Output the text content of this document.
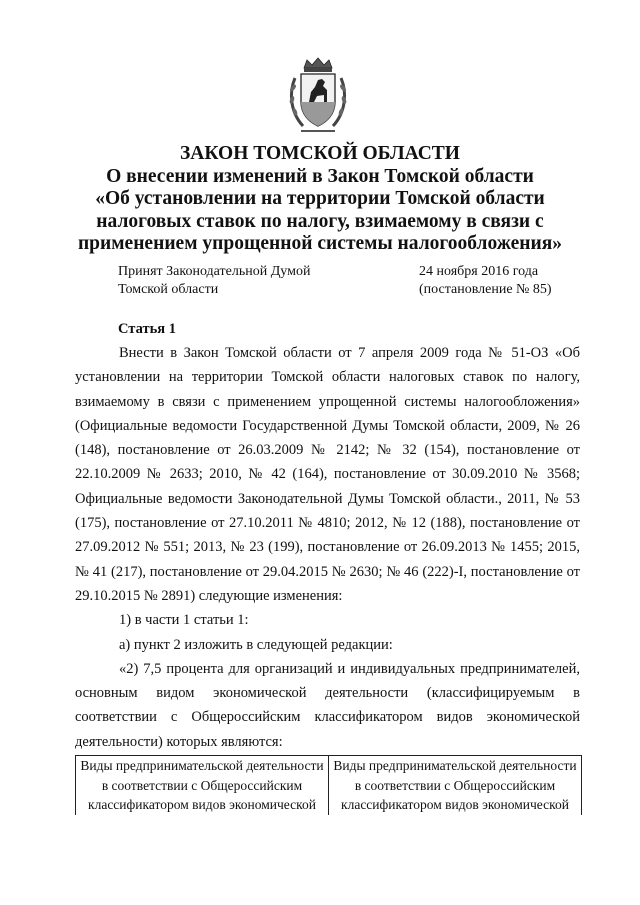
ЗАКОН ТОМСКОЙ ОБЛАСТИ
О внесении изменений в Закон Томской области
«Об установлении на территории Томской области
налоговых ставок по налогу, взимаемому в связи с
применением упрощенной системы налогообложения»
Принят Законодательной Думой
Томской области
24 ноября 2016 года
(постановление № 85)
Статья 1

Внести в Закон Томской области от 7 апреля 2009 года № 51-ОЗ «Об установлении на территории Томской области налоговых ставок по налогу, взимаемому в связи с применением упрощенной системы налогообложения» (Официальные ведомости Государственной Думы Томской области, 2009, № 26 (148), постановление от 26.03.2009 № 2142; № 32 (154), постановление от 22.10.2009 № 2633; 2010, № 42 (164), постановление от 30.09.2010 № 3568; Официальные ведомости Законодательной Думы Томской области., 2011, № 53 (175), постановление от 27.10.2011 № 4810; 2012, № 12 (188), постановление от 27.09.2012 № 551; 2013, № 23 (199), постановление от 26.09.2013 № 1455; 2015, № 41 (217), постановление от 29.04.2015 № 2630; № 46 (222)-I, постановление от 29.10.2015 № 2891) следующие изменения:

1) в части 1 статьи 1:

а) пункт 2 изложить в следующей редакции:

«2) 7,5 процента для организаций и индивидуальных предпринимателей, основным видом экономической деятельности (классифицируемым в соответствии с Общероссийским классификатором видов экономической деятельности) которых являются:

Виды предпринимательской деятельности в соответствии с Общероссийским классификатором видов экономической	Виды предпринимательской деятельности в соответствии с Общероссийским классификатором видов экономической
